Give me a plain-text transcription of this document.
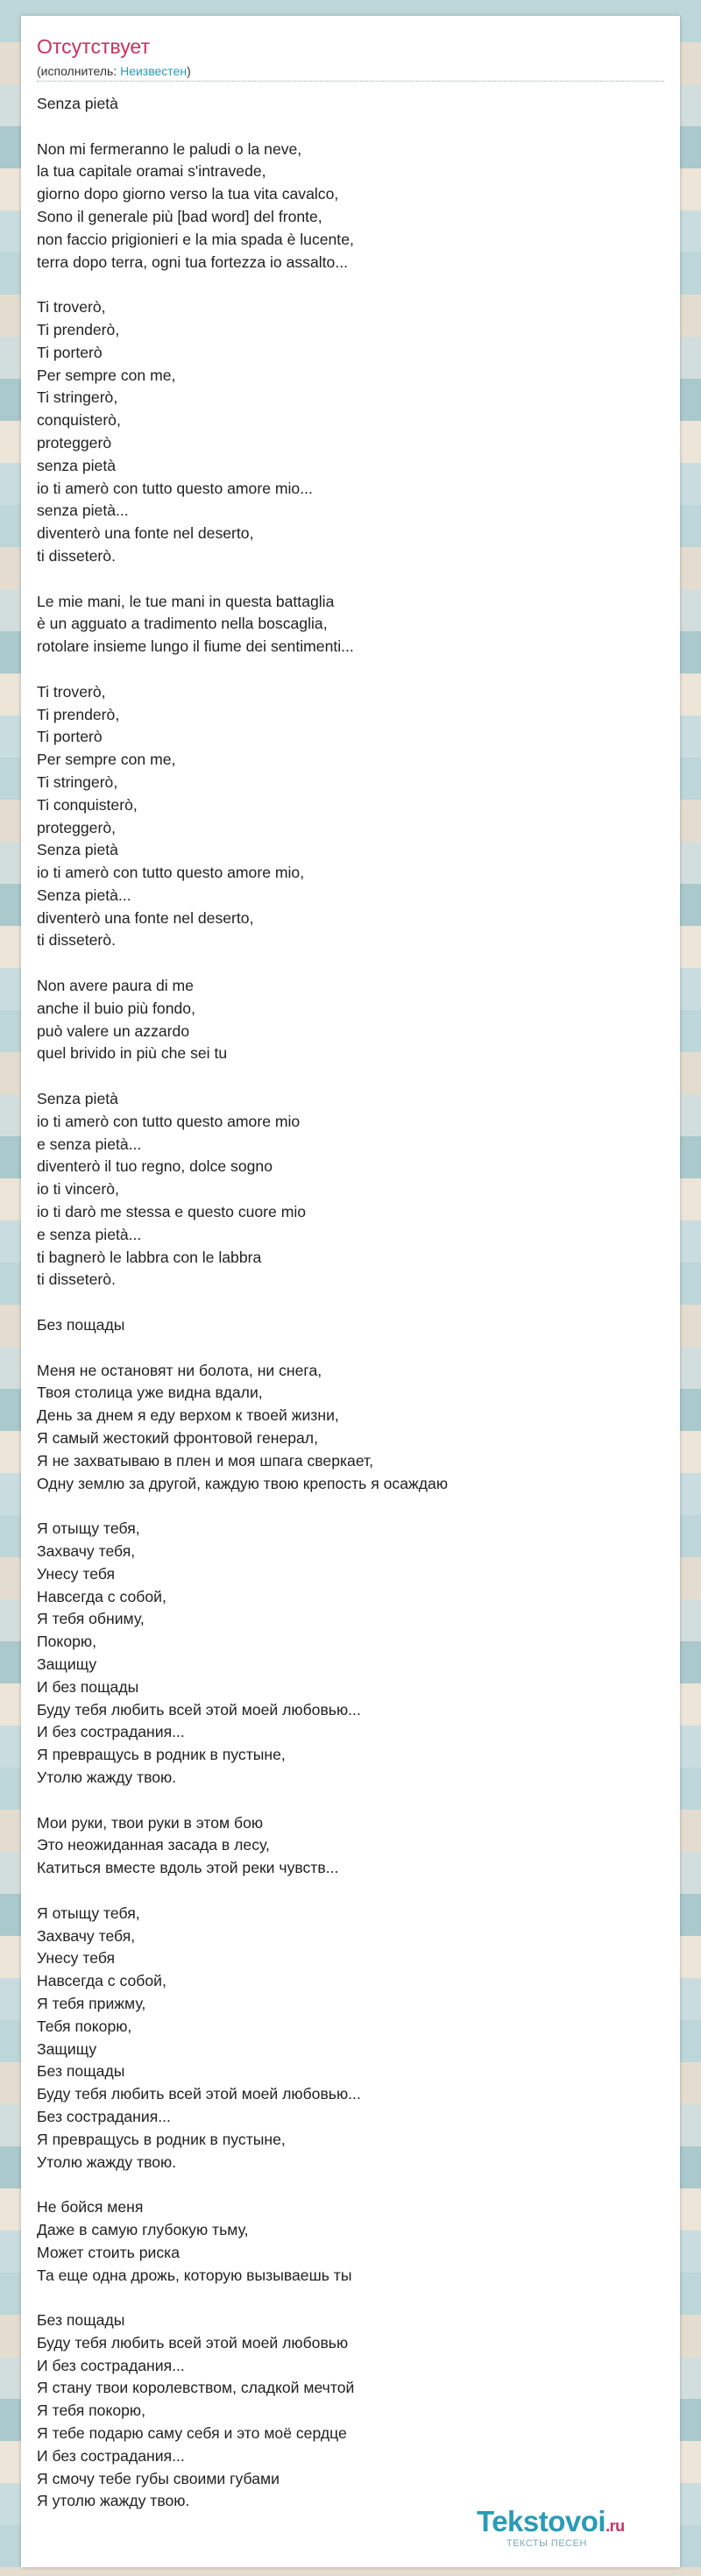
Отсутствует
(исполнитель: Неизвестен)
Senza pietà

Non mi fermeranno le paludi o la neve,
la tua capitale oramai s'intravede,
giorno dopo giorno verso la tua vita cavalco,
Sono il generale più [bad word] del fronte,
non faccio prigionieri e la mia spada è lucente,
terra dopo terra, ogni tua fortezza io assalto...

Ti troverò,
Ti prenderò,
Ti porterò
Per sempre con me,
Ti stringerò,
conquisterò,
proteggerò
senza pietà
io ti amerò con tutto questo amore mio...
senza pietà...
diventerò una fonte nel deserto,
ti disseterò.

Le mie mani, le tue mani in questa battaglia
è un agguato a tradimento nella boscaglia,
rotolare insieme lungo il fiume dei sentimenti...

Ti troverò,
Ti prenderò,
Ti porterò
Per sempre con me,
Ti stringerò,
Ti conquisterò,
proteggerò,
Senza pietà
io ti amerò con tutto questo amore mio,
Senza pietà...
diventerò una fonte nel deserto,
ti disseterò.

Non avere paura di me
anche il buio più fondo,
può valere un azzardo
quel brivido in più che sei tu

Senza pietà
io ti amerò con tutto questo amore mio
e senza pietà...
diventerò il tuo regno, dolce sogno
io ti vincerò,
io ti darò me stessa e questo cuore mio
e senza pietà...
ti bagnerò le labbra con le labbra
ti disseterò.

Без пощады

Меня не остановят ни болота, ни снега,
Твоя столица уже видна вдали,
День за днем я еду верхом к твоей жизни,
Я самый жестокий фронтовой генерал,
Я не захватываю в плен и моя шпага сверкает,
Одну землю за другой, каждую твою крепость я осаждаю

Я отыщу тебя,
Захвачу тебя,
Унесу тебя
Навсегда с собой,
Я тебя обниму,
Покорю,
Защищу
И без пощады
Буду тебя любить всей этой моей любовью...
И без сострадания...
Я превращусь в родник в пустыне,
Утолю жажду твою.

Мои руки, твои руки в этом бою
Это неожиданная засада в лесу,
Катиться вместе вдоль этой реки чувств...

Я отыщу тебя,
Захвачу тебя,
Унесу тебя
Навсегда с собой,
Я тебя прижму,
Тебя покорю,
Защищу
Без пощады
Буду тебя любить всей этой моей любовью...
Без сострадания...
Я превращусь в родник в пустыне,
Утолю жажду твою.

Не бойся меня
Даже в самую глубокую тьму,
Может стоить риска
Та еще одна дрожь, которую вызываешь ты

Без пощады
Буду тебя любить всей этой моей любовью
И без сострадания...
Я стану твои королевством, сладкой мечтой
Я тебя покорю,
Я тебе подарю саму себя и это моё сердце
И без сострадания...
Я смочу тебе губы своими губами
Я утолю жажду твою.
Tekstovoi.ru
ТЕКСТЫ ПЕСЕН
